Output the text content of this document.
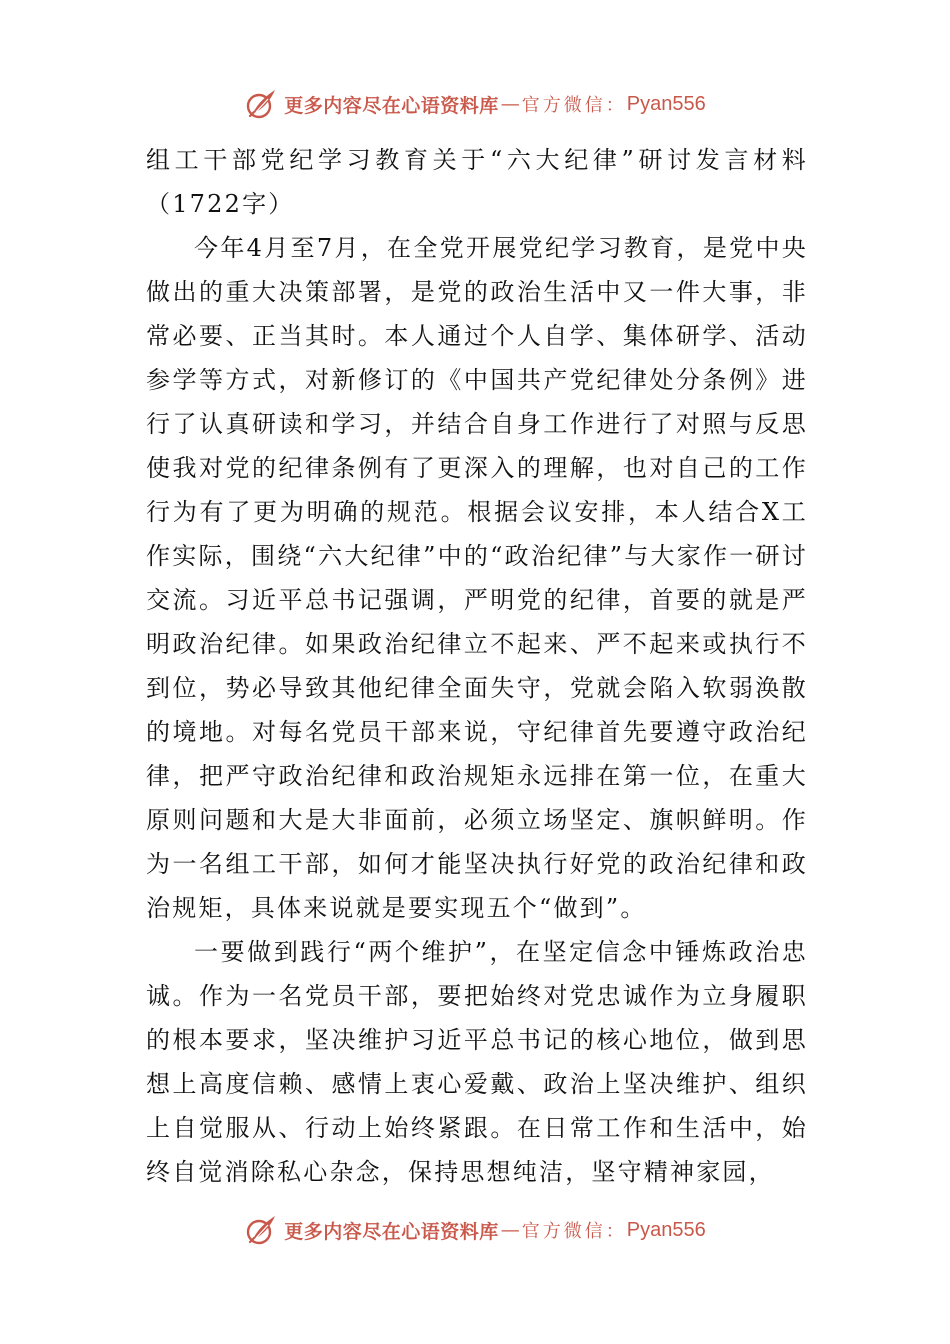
更多内容尽在心语资料库 — 官方微信： Pyan556

组工干部党纪学习教育关于“六大纪律”研讨发言材料（1722字）

今年4月至7月，在全党开展党纪学习教育，是党中央做出的重大决策部署，是党的政治生活中又一件大事，非常必要、正当其时。本人通过个人自学、集体研学、活动参学等方式，对新修订的《中国共产党纪律处分条例》进行了认真研读和学习，并结合自身工作进行了对照与反思使我对党的纪律条例有了更深入的理解，也对自己的工作行为有了更为明确的规范。根据会议安排，本人结合X工作实际，围绕“六大纪律”中的“政治纪律”与大家作一研讨交流。习近平总书记强调，严明党的纪律，首要的就是严明政治纪律。如果政治纪律立不起来、严不起来或执行不到位，势必导致其他纪律全面失守，党就会陷入软弱涣散的境地。对每名党员干部来说，守纪律首先要遵守政治纪律，把严守政治纪律和政治规矩永远排在第一位，在重大原则问题和大是大非面前，必须立场坚定、旗帜鲜明。作为一名组工干部，如何才能坚决执行好党的政治纪律和政治规矩，具体来说就是要实现五个“做到”。

一要做到践行“两个维护”，在坚定信念中锤炼政治忠诚。作为一名党员干部，要把始终对党忠诚作为立身履职的根本要求，坚决维护习近平总书记的核心地位，做到思想上高度信赖、感情上衷心爱戴、政治上坚决维护、组织上自觉服从、行动上始终紧跟。在日常工作和生活中，始终自觉消除私心杂念，保持思想纯洁，坚守精神家园，

更多内容尽在心语资料库 — 官方微信： Pyan556
